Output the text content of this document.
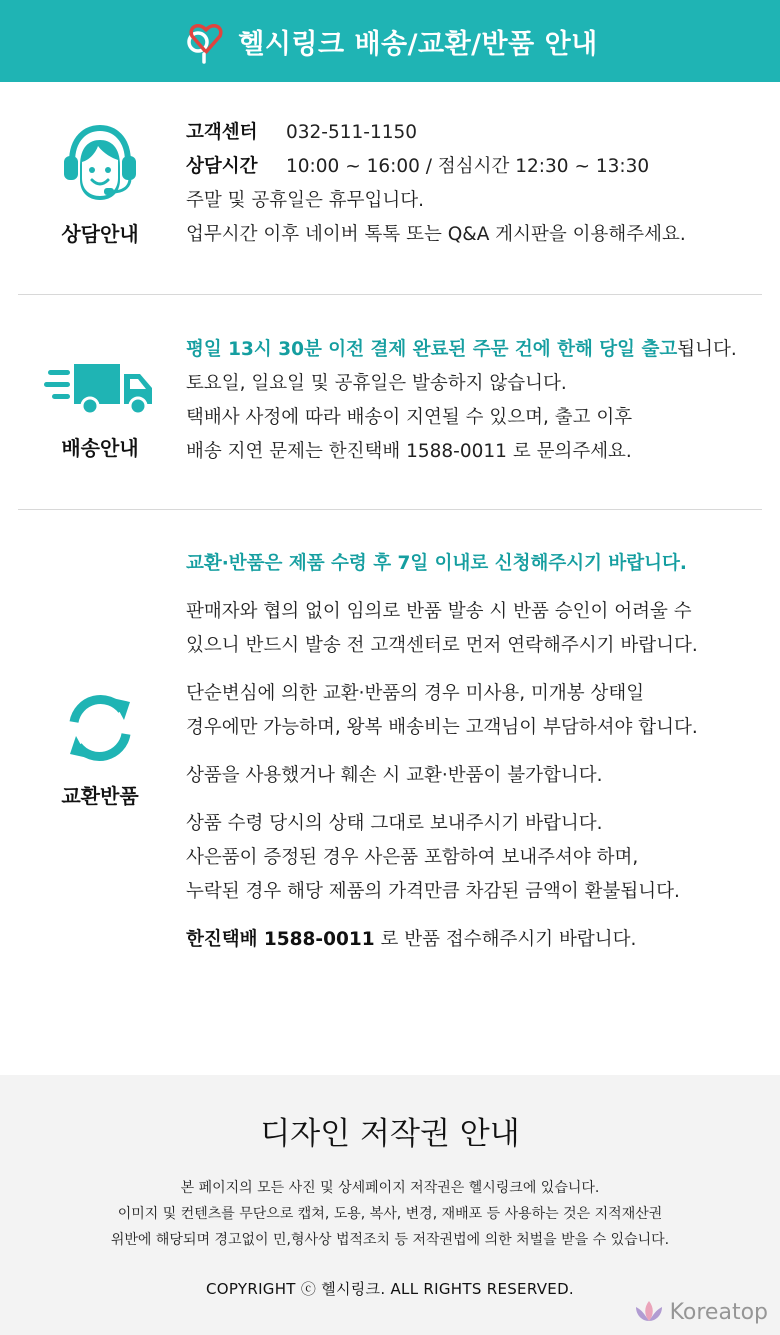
헬시링크 배송/교환/반품 안내
상담안내
고객센터 032-511-1150
상담시간 10:00 ~ 16:00 / 점심시간 12:30 ~ 13:30
주말 및 공휴일은 휴무입니다.
업무시간 이후 네이버 톡톡 또는 Q&A 게시판을 이용해주세요.
배송안내
평일 13시 30분 이전 결제 완료된 주문 건에 한해 당일 출고됩니다.
토요일, 일요일 및 공휴일은 발송하지 않습니다.
택배사 사정에 따라 배송이 지연될 수 있으며, 출고 이후
배송 지연 문제는 한진택배 1588-0011 로 문의주세요.
교환반품
교환·반품은 제품 수령 후 7일 이내로 신청해주시기 바랍니다.
판매자와 협의 없이 임의로 반품 발송 시 반품 승인이 어려울 수
있으니 반드시 발송 전 고객센터로 먼저 연락해주시기 바랍니다.
단순변심에 의한 교환·반품의 경우 미사용, 미개봉 상태일
경우에만 가능하며, 왕복 배송비는 고객님이 부담하셔야 합니다.
상품을 사용했거나 훼손 시 교환·반품이 불가합니다.
상품 수령 당시의 상태 그대로 보내주시기 바랍니다.
사은품이 증정된 경우 사은품 포함하여 보내주셔야 하며,
누락된 경우 해당 제품의 가격만큼 차감된 금액이 환불됩니다.
한진택배 1588-0011 로 반품 접수해주시기 바랍니다.
디자인 저작권 안내
본 페이지의 모든 사진 및 상세페이지 저작권은 헬시링크에 있습니다.
이미지 및 컨텐츠를 무단으로 캡쳐, 도용, 복사, 변경, 재배포 등 사용하는 것은 지적재산권
위반에 해당되며 경고없이 민,형사상 법적조치 등 저작권법에 의한 처벌을 받을 수 있습니다.
COPYRIGHT ⓒ 헬시링크. ALL RIGHTS RESERVED.
Koreatop
